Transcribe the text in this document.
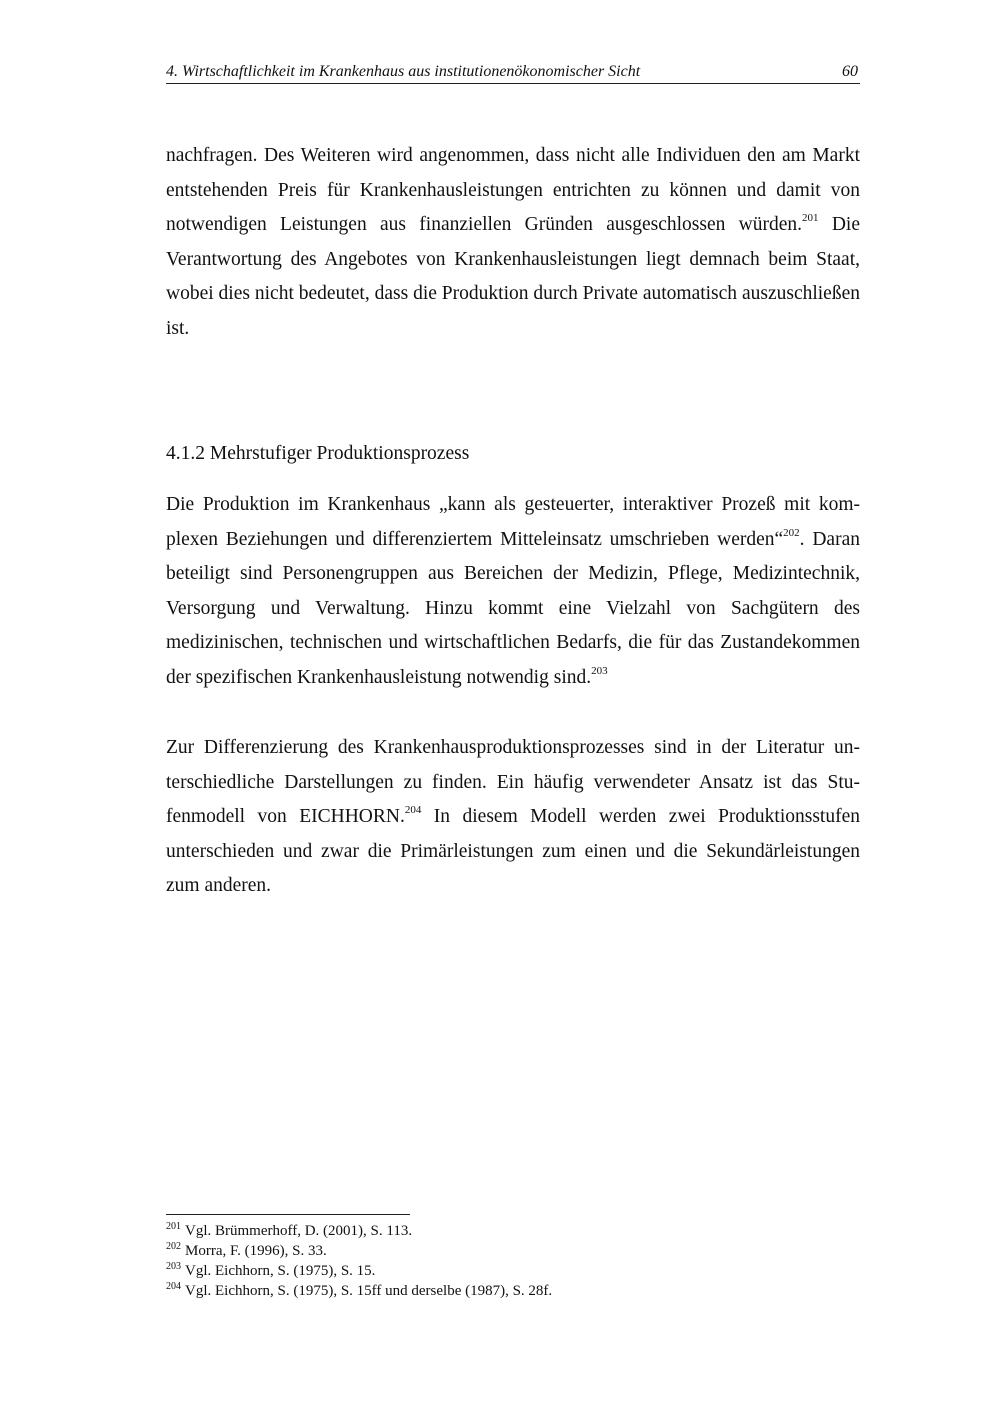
4. Wirtschaftlichkeit im Krankenhaus aus institutionenökonomischer Sicht	60

nachfragen. Des Weiteren wird angenommen, dass nicht alle Individuen den am Markt entstehenden Preis für Krankenhausleistungen entrichten zu können und damit von notwendigen Leistungen aus finanziellen Gründen ausgeschlossen würden.$^{201}$ Die Verantwortung des Angebotes von Krankenhausleistungen liegt demnach beim Staat, wobei dies nicht bedeutet, dass die Produktion durch Private automatisch auszuschließen ist.

4.1.2 Mehrstufiger Produktionsprozess

Die Produktion im Krankenhaus „kann als gesteuerter, interaktiver Prozeß mit komplexen Beziehungen und differenziertem Mitteleinsatz umschrieben werden“$^{202}$. Daran beteiligt sind Personengruppen aus Bereichen der Medizin, Pflege, Medizintechnik, Versorgung und Verwaltung. Hinzu kommt eine Vielzahl von Sachgütern des medizinischen, technischen und wirtschaftlichen Bedarfs, die für das Zustandekommen der spezifischen Krankenhausleistung notwendig sind.$^{203}$

Zur Differenzierung des Krankenhausproduktionsprozesses sind in der Literatur unterschiedliche Darstellungen zu finden. Ein häufig verwendeter Ansatz ist das Stufenmodell von EICHHORN.$^{204}$ In diesem Modell werden zwei Produktionsstufen unterschieden und zwar die Primärleistungen zum einen und die Sekundärleistungen zum anderen.

$^{201}$ Vgl. Brümmerhoff, D. (2001), S. 113.
$^{202}$ Morra, F. (1996), S. 33.
$^{203}$ Vgl. Eichhorn, S. (1975), S. 15.
$^{204}$ Vgl. Eichhorn, S. (1975), S. 15ff und derselbe (1987), S. 28f.
